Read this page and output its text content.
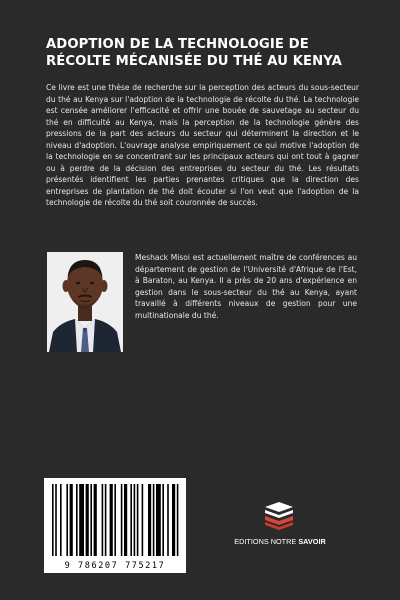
ADOPTION DE LA TECHNOLOGIE DE
RÉCOLTE MÉCANISÉE DU THÉ AU KENYA

Ce livre est une thèse de recherche sur la perception des acteurs du sous-secteur du thé au Kenya sur l'adoption de la technologie de récolte du thé. La technologie est censée améliorer l'efficacité et offrir une bouée de sauvetage au secteur du thé en difficulté au Kenya, mais la perception de la technologie génère des pressions de la part des acteurs du secteur qui déterminent la direction et le niveau d'adoption. L'ouvrage analyse empiriquement ce qui motive l'adoption de la technologie en se concentrant sur les principaux acteurs qui ont tout à gagner ou à perdre de la décision des entreprises du secteur du thé. Les résultats présentés identifient les parties prenantes critiques que la direction des entreprises de plantation de thé doit écouter si l'on veut que l'adoption de la technologie de récolte du thé soit couronnée de succès.

Meshack Misoi est actuellement maître de conférences au département de gestion de l'Université d'Afrique de l'Est, à Baraton, au Kenya. Il a près de 20 ans d'expérience en gestion dans le sous-secteur du thé au Kenya, ayant travaillé à différents niveaux de gestion pour une multinationale du thé.

9 786207 775217
EDITIONS NOTRE SAVOIR
